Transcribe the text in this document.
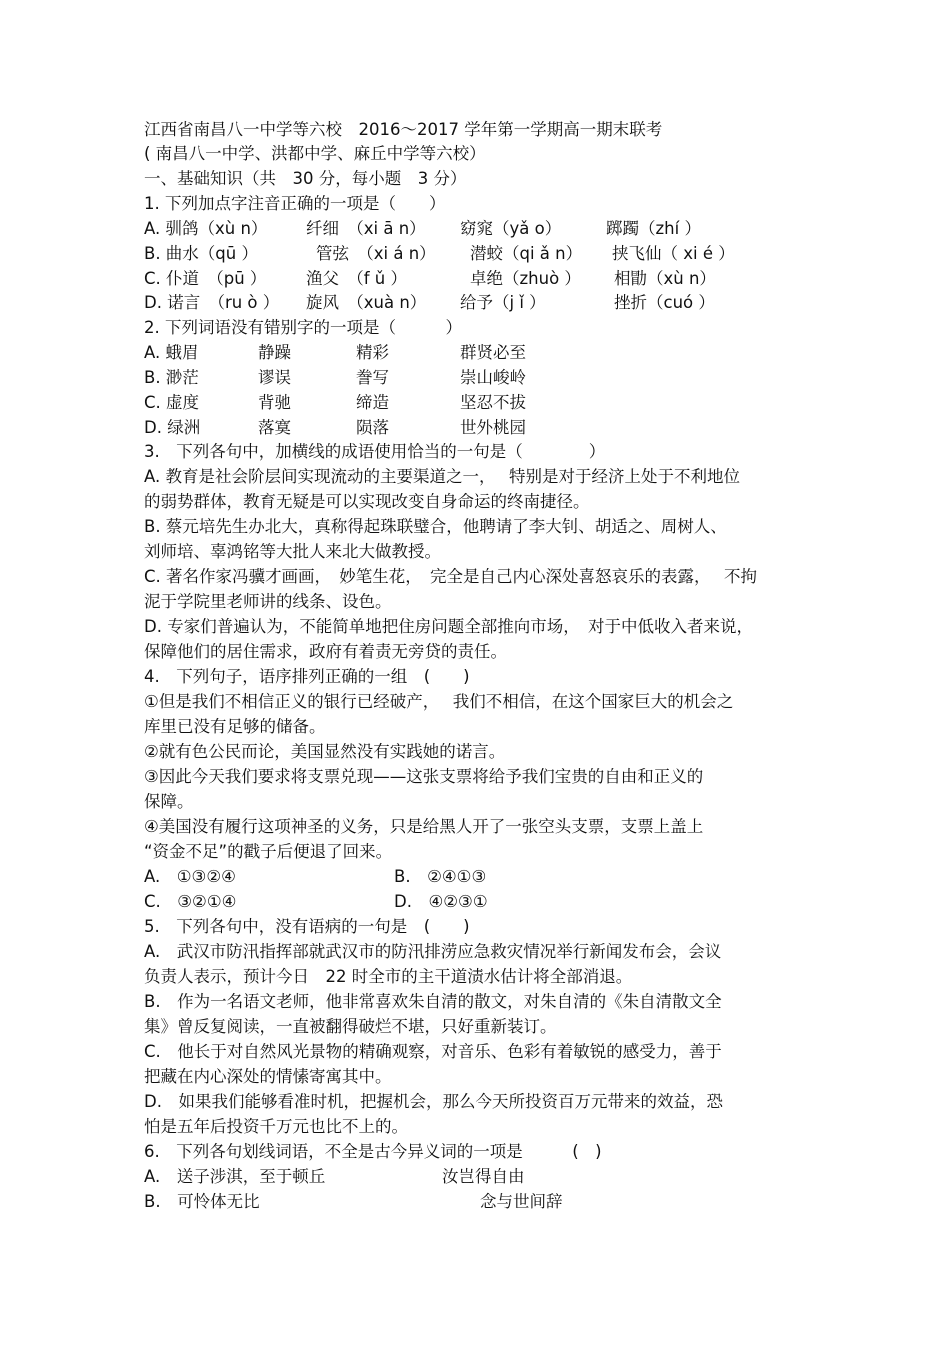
江西省南昌八一中学等六校　2016～2017 学年第一学期高一期末联考
( 南昌八一中学、洪都中学、麻丘中学等六校）
一、基础知识（共　30 分，每小题　3 分）
1. 下列加点字注音正确的一项是（　　）
A. 驯鸽（xù n） 纤细　（xi ā n） 窈窕（yǎ o）	踯躅（zhí ）
B. 曲水（qū ）	管弦　（xi á n） 潜蛟（qi ǎ n） 挟飞仙（ xi é ）
C. 仆道　（pū ） 渔父　（f ǔ ）	卓绝（zhuò ） 相勖（xù n）
D. 诺言　（ru ò ） 旋风　（xuà n） 给予（j ǐ ）	挫折（cuó ）
2. 下列词语没有错别字的一项是（　　　）
A. 蛾眉	静躁	精彩	群贤必至
B. 渺茫	谬误	誊写	崇山峻岭
C. 虚度	背驰	缔造	坚忍不拔
D. 绿洲	落寞	陨落	世外桃园
3.　下列各句中，加横线的成语使用恰当的一句是（　　　　）
A. 教育是社会阶层间实现流动的主要渠道之一，　 特别是对于经济上处于不利地位
的弱势群体，教育无疑是可以实现改变自身命运的终南捷径。
B. 蔡元培先生办北大，真称得起珠联璧合，他聘请了李大钊、胡适之、周树人、
刘师培、辜鸿铭等大批人来北大做教授。
C. 著名作家冯骥才画画，　妙笔生花，　完全是自己内心深处喜怒哀乐的表露，　 不拘
泥于学院里老师讲的线条、设色。
D. 专家们普遍认为，不能简单地把住房问题全部推向市场，　对于中低收入者来说，
保障他们的居住需求，政府有着责无旁贷的责任。
4.　下列句子，语序排列正确的一组　(　　)
①但是我们不相信正义的银行已经破产，　 我们不相信，在这个国家巨大的机会之
库里已没有足够的储备。
②就有色公民而论，美国显然没有实践她的诺言。
③因此今天我们要求将支票兑现——这张支票将给予我们宝贵的自由和正义的
保障。
④美国没有履行这项神圣的义务，只是给黑人开了一张空头支票，支票上盖上
“资金不足”的戳子后便退了回来。
A.　①③②④	B.　②④①③
C.　③②①④	D.　④②③①
5.　下列各句中，没有语病的一句是　(　　)
A.　武汉市防汛指挥部就武汉市的防汛排涝应急救灾情况举行新闻发布会，会议
负责人表示，预计今日　22 时全市的主干道渍水估计将全部消退。
B.　作为一名语文老师，他非常喜欢朱自清的散文，对朱自清的《朱自清散文全
集》曾反复阅读，一直被翻得破烂不堪，只好重新装订。
C.　他长于对自然风光景物的精确观察，对音乐、色彩有着敏锐的感受力，善于
把藏在内心深处的情愫寄寓其中。
D.　如果我们能够看准时机，把握机会，那么今天所投资百万元带来的效益，恐
怕是五年后投资千万元也比不上的。
6.　下列各句划线词语，不全是古今异义词的一项是　　　(　)
A.　送子涉淇，至于顿丘	汝岂得自由
B.　可怜体无比	念与世间辞
